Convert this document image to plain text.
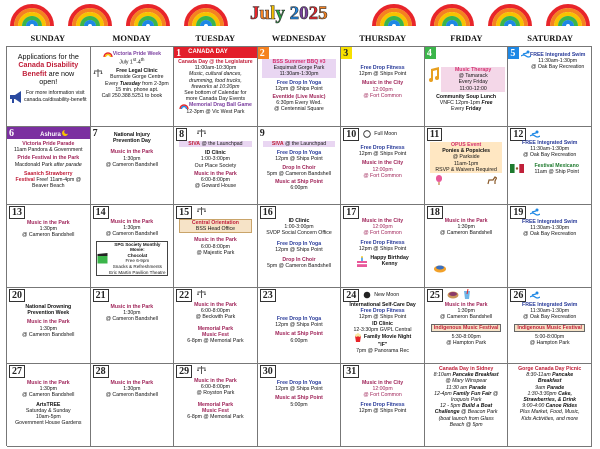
July 2025
SUNDAY	MONDAY	TUESDAY	WEDNESDAY	THURSDAY	FRIDAY	SATURDAY
Applications for the
Canada Disability
Benefit are now
open!
For more information visit
canada.ca/disability-benefit
Victoria Pride Week
July 1st-4th
Free Legal Clinic
Burnside Gorge Centre
Every Tuesday from 2-3pm
15 min. phone apt.
Call 250.388.5251 to book
1 CANADA DAY
Canada Day @ the Legislature
11:00am-10:30pm
Music, cultural dances,
drumming, food trucks,
fireworks at 10:20pm
See bottom of Calendar for
more Canada Day Events
Memorial Drag Ball Game
12-3pm @ Vic West Park
2
BSS Summer BBQ #3
Esquimalt Gorge Park
11:30am-1:30pm
Free Drop In Yoga
12pm @ Ships Point
Eventide (Live Music)
6:30pm Every Wed.
@ Centennial Square
3
Free Drop Fitness
12pm @ Ships Point
Music in the City
12:00pm
@ Fort Common
4
Music Therapy
@ Tamarack
Every Friday
11:00-12:00
Community Soup Lunch
VNFC 12pm-1pm Free
Every Friday
5	FREE Integrated Swim
11:30am-1:30pm
@ Oak Bay Recreation
6	Ashura
Victoria Pride Parade
11am Pandora & Government
Pride Festival in the Park
Macdonald Park after parade
Saanich Strawberry
Festival Free! 11am-4pm @
Beaver Beach
7	National Injury
Prevention Day
Music in the Park
1:30pm
@ Cameron Bandshell
8
SIVA @ the Launchpad
ID Clinic
1:00-3:00pm
Our Place Society
Music in the Park
6:00-8:00pm
@ Goward House
9
SIVA @ the Launchpad
Free Drop In Yoga
12pm @ Ships Point
Drop In Choir
5pm @ Cameron Bandshell
Music at Ship Point
6:00pm
10	Full Moon
Free Drop Fitness
12pm @ Ships Point
Music in the City
12:00pm
@ Fort Common
11
OPUS Event
Ponies & Popsicles
@ Parkside
11am-1pm
RSVP & Waivers Required
12
FREE Integrated Swim
11:30am-1:30pm
@ Oak Bay Recreation
Festival Mexicano
11am @ Ship Point
13
Music in the Park
1:30pm
@ Cameron Bandshell
14
Music in the Park
1:30pm
@ Cameron Bandshell
SPG Society Monthly Movie:
Chocolat
Free 6-9pm
Snacks & Refreshments
Eric Martin Pavilion Theatre
15
Central Orientation
BSS Head Office
Music in the Park
6:00-8:00pm
@ Majestic Park
16
ID Clinic
1:00-3:00pm
SVDP Social Concern Office
Free Drop In Yoga
12pm @ Ships Point
Drop In Choir
5pm @ Cameron Bandshell
17
Music in the City
12:00pm
@ Fort Common
Free Drop Fitness
12pm @ Ships Point
Happy Birthday
Kenny
18
Music in the Park
1:30pm
@ Cameron Bandshell
19
FREE Integrated Swim
11:30am-1:30pm
@ Oak Bay Recreation
20
National Drowning
Prevention Week
Music in the Park
1:30pm
@ Cameron Bandshell
21
Music in the Park
1:30pm
@ Cameron Bandshell
22
Music in the Park
6:00-8:00pm
@ Beckwith Park
Memorial Park
Music Fest
6-8pm @ Memorial Park
23
Free Drop In Yoga
12pm @ Ships Point
Music at Ship Point
6:00pm
24	New Moon
International Self-Care Day
Free Drop Fitness
12pm @ Ships Point
ID Clinic
12-3:30pm GVPL Central
Family Movie Night
"IF"
7pm @ Panorama Rec
25
Music in the Park
1:30pm
@ Cameron Bandshell
Indigenous Music Festival
5:30-8:00pm
@ Hampton Park
26
FREE Integrated Swim
11:30am-1:30pm
@ Oak Bay Recreation
Indigenous Music Festival
5:00-8:00pm
@ Hampton Park
27
Music in the Park
1:30pm
@ Cameron Bandshell
ArtsTREE
Saturday & Sunday
10am-5pm
Government House Gardens
28
Music in the Park
1:30pm
@ Cameron Bandshell
29
Music in the Park
6:00-8:00pm
@ Royston Park
Memorial Park
Music Fest
6-8pm @ Memorial Park
30
Free Drop In Yoga
12pm @ Ships Point
Music at Ship Point
5:00pm
31
Music in the City
12:00pm
@ Fort Common
Free Drop Fitness
12pm @ Ships Point
Canada Day in Sidney
8:10am Pancake Breakfast
@ Mary Winspear
11:30 am Parade
12-4pm Family Fun Fair @
Iroquois Park
12 - 5pm Build a Boat
Challenge @ Beacon Park
(boat launch from Glass
Beach @ 5pm
Gorge Canada Day Picnic
8:30-11am Pancake
Breakfast
9am Parade
1:30-3:30pm Cake,
Strawberries, & Drink
9:00-4:00 Canoe Rides
Plus Market, Food, Music,
Kids Activities, and more
